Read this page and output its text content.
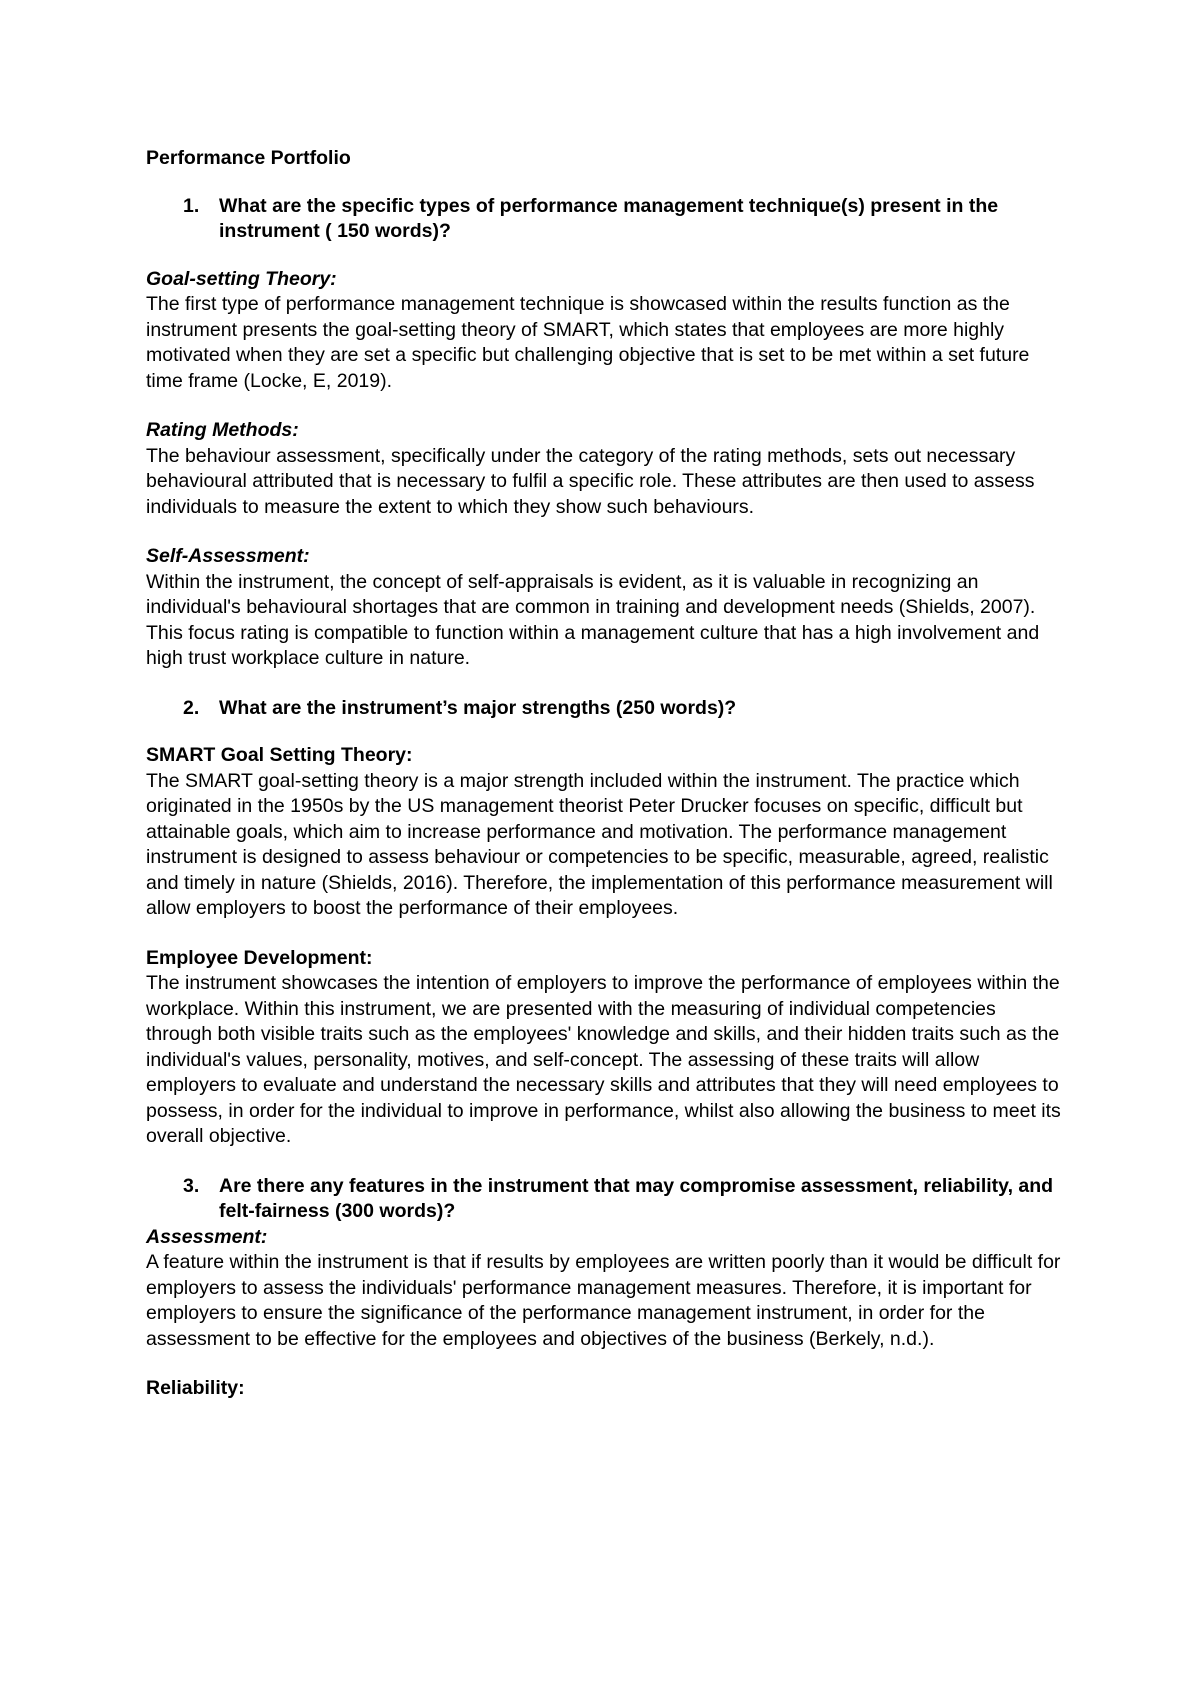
Performance Portfolio

1.	What are the specific types of performance management technique(s) present in the instrument ( 150 words)?

Goal-setting Theory:

The first type of performance management technique is showcased within the results function as the instrument presents the goal-setting theory of SMART, which states that employees are more highly motivated when they are set a specific but challenging objective that is set to be met within a set future time frame (Locke, E, 2019).

Rating Methods:

The behaviour assessment, specifically under the category of the rating methods, sets out necessary behavioural attributed that is necessary to fulfil a specific role. These attributes are then used to assess individuals to measure the extent to which they show such behaviours.

Self-Assessment:

Within the instrument, the concept of self-appraisals is evident, as it is valuable in recognizing an individual's behavioural shortages that are common in training and development needs (Shields, 2007). This focus rating is compatible to function within a management culture that has a high involvement and high trust workplace culture in nature.

2.	What are the instrument’s major strengths (250 words)?

SMART Goal Setting Theory:

The SMART goal-setting theory is a major strength included within the instrument. The practice which originated in the 1950s by the US management theorist Peter Drucker focuses on specific, difficult but attainable goals, which aim to increase performance and motivation. The performance management instrument is designed to assess behaviour or competencies to be specific, measurable, agreed, realistic and timely in nature (Shields, 2016). Therefore, the implementation of this performance measurement will allow employers to boost the performance of their employees.

Employee Development:

The instrument showcases the intention of employers to improve the performance of employees within the workplace. Within this instrument, we are presented with the measuring of individual competencies through both visible traits such as the employees' knowledge and skills, and their hidden traits such as the individual's values, personality, motives, and self-concept. The assessing of these traits will allow employers to evaluate and understand the necessary skills and attributes that they will need employees to possess, in order for the individual to improve in performance, whilst also allowing the business to meet its overall objective.

3.	Are there any features in the instrument that may compromise assessment, reliability, and felt-fairness (300 words)?

Assessment:

A feature within the instrument is that if results by employees are written poorly than it would be difficult for employers to assess the individuals' performance management measures. Therefore, it is important for employers to ensure the significance of the performance management instrument, in order for the assessment to be effective for the employees and objectives of the business (Berkely, n.d.).

Reliability:
